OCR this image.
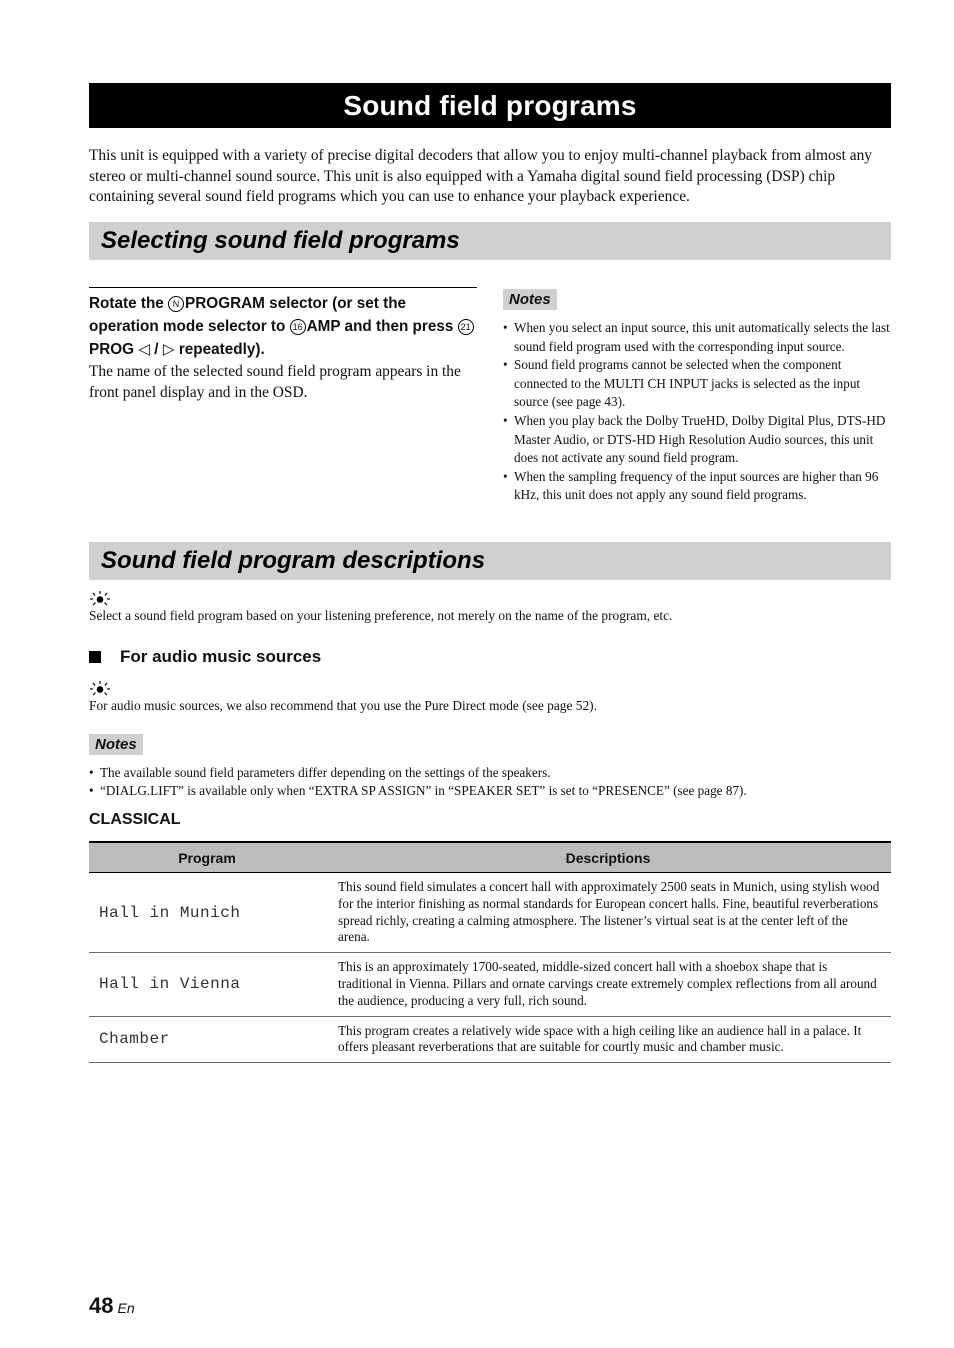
Sound field programs

This unit is equipped with a variety of precise digital decoders that allow you to enjoy multi-channel playback from almost any stereo or multi-channel sound source. This unit is also equipped with a Yamaha digital sound field processing (DSP) chip containing several sound field programs which you can use to enhance your playback experience.

Selecting sound field programs

Rotate the N PROGRAM selector (or set the operation mode selector to 16 AMP and then press 21PROG ◁ / ▷ repeatedly).

The name of the selected sound field program appears in the front panel display and in the OSD.

Notes
• When you select an input source, this unit automatically selects the last sound field program used with the corresponding input source.
• Sound field programs cannot be selected when the component connected to the MULTI CH INPUT jacks is selected as the input source (see page 43).
• When you play back the Dolby TrueHD, Dolby Digital Plus, DTS-HD Master Audio, or DTS-HD High Resolution Audio sources, this unit does not activate any sound field program.
• When the sampling frequency of the input sources are higher than 96 kHz, this unit does not apply any sound field programs.
Sound field program descriptions

Select a sound field program based on your listening preference, not merely on the name of the program, etc.

For audio music sources

For audio music sources, we also recommend that you use the Pure Direct mode (see page 52).

Notes
• The available sound field parameters differ depending on the settings of the speakers.
• “DIALG.LIFT” is available only when “EXTRA SP ASSIGN” in “SPEAKER SET” is set to “PRESENCE” (see page 87).
CLASSICAL
Program	Descriptions
Hall in Munich	This sound field simulates a concert hall with approximately 2500 seats in Munich, using stylish wood for the interior finishing as normal standards for European concert halls. Fine, beautiful reverberations spread richly, creating a calming atmosphere. The listener’s virtual seat is at the center left of the arena.
Hall in Vienna	This is an approximately 1700-seated, middle-sized concert hall with a shoebox shape that is traditional in Vienna. Pillars and ornate carvings create extremely complex reflections from all around the audience, producing a very full, rich sound.
Chamber	This program creates a relatively wide space with a high ceiling like an audience hall in a palace. It offers pleasant reverberations that are suitable for courtly music and chamber music.
48 En
